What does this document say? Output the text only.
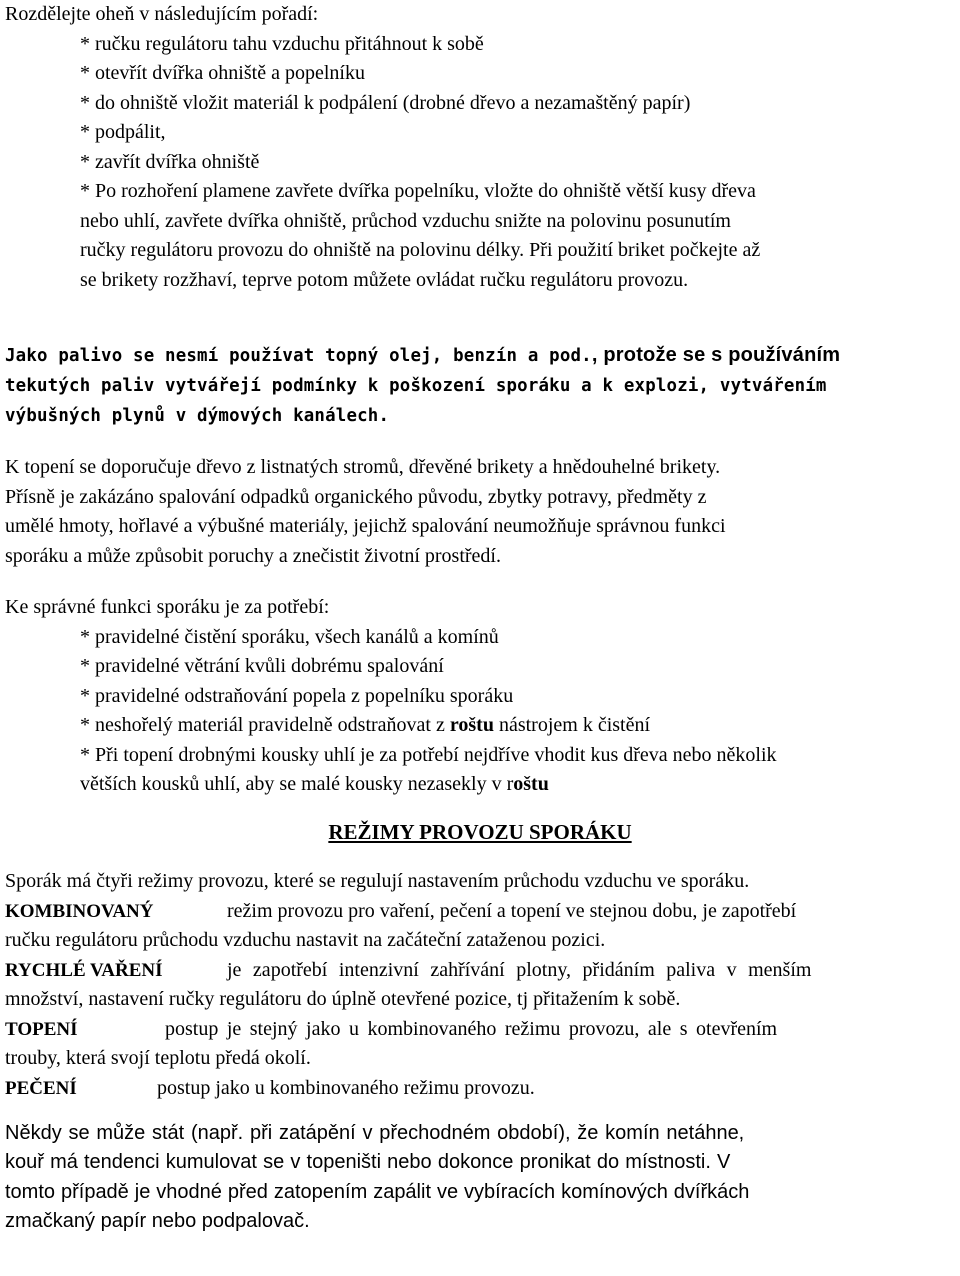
Rozdělejte oheň v následujícím pořadí:
* ručku regulátoru tahu vzduchu přitáhnout k sobě
* otevřít dvířka ohniště a popelníku
* do ohniště vložit materiál k podpálení (drobné dřevo a nezamaštěný papír)
* podpálit,
* zavřít dvířka ohniště
* Po rozhoření plamene zavřete dvířka popelníku, vložte do ohniště větší kusy dřeva
nebo uhlí, zavřete dvířka ohniště, průchod vzduchu snižte na polovinu posunutím
ručky regulátoru provozu do ohniště na polovinu délky. Při použití briket počkejte až
se brikety rozžhaví, teprve potom můžete ovládat ručku regulátoru provozu.
Jako palivo se nesmí používat topný olej, benzín a pod., protože se s používáním
tekutých paliv vytvářejí podmínky k poškození sporáku a k explozi, vytvářením
výbušných plynů v dýmových kanálech.
K topení se doporučuje dřevo z listnatých stromů, dřevěné brikety a hnědouhelné brikety.
Přísně je zakázáno spalování odpadků organického původu, zbytky potravy, předměty z
umělé hmoty, hořlavé a výbušné materiály, jejichž spalování neumožňuje správnou funkci
sporáku a může způsobit poruchy a znečistit životní prostředí.
Ke správné funkci sporáku je za potřebí:
* pravidelné čistění sporáku, všech kanálů a komínů
* pravidelné větrání kvůli dobrému spalování
* pravidelné odstraňování popela z popelníku sporáku
* neshořelý materiál pravidelně odstraňovat z roštu nástrojem k čistění
* Při topení drobnými kousky uhlí je za potřebí nejdříve vhodit kus dřeva nebo několik
větších kousků uhlí, aby se malé kousky nezasekly v roštu
REŽIMY PROVOZU SPORÁKU
Sporák má čtyři režimy provozu, které se regulují nastavením průchodu vzduchu ve sporáku.
KOMBINOVANÝ	režim provozu pro vaření, pečení a topení ve stejnou dobu, je zapotřebí
ručku regulátoru průchodu vzduchu nastavit na začáteční zataženou pozici.
RYCHLÉ VAŘENÍ	je zapotřebí intenzivní zahřívání plotny, přidáním paliva v menším
množství, nastavení ručky regulátoru do úplně otevřené pozice, tj přitažením k sobě.
TOPENÍ	postup je stejný jako u kombinovaného režimu provozu, ale s otevřením
trouby, která svojí teplotu předá okolí.
PEČENÍ	postup jako u kombinovaného režimu provozu.
Někdy se může stát (např. při zatápění v přechodném období), že komín netáhne,
kouř má tendenci kumulovat se v topeništi nebo dokonce pronikat do místnosti. V
tomto případě je vhodné před zatopením zapálit ve vybíracích komínových dvířkách
zmačkaný papír nebo podpalovač.
